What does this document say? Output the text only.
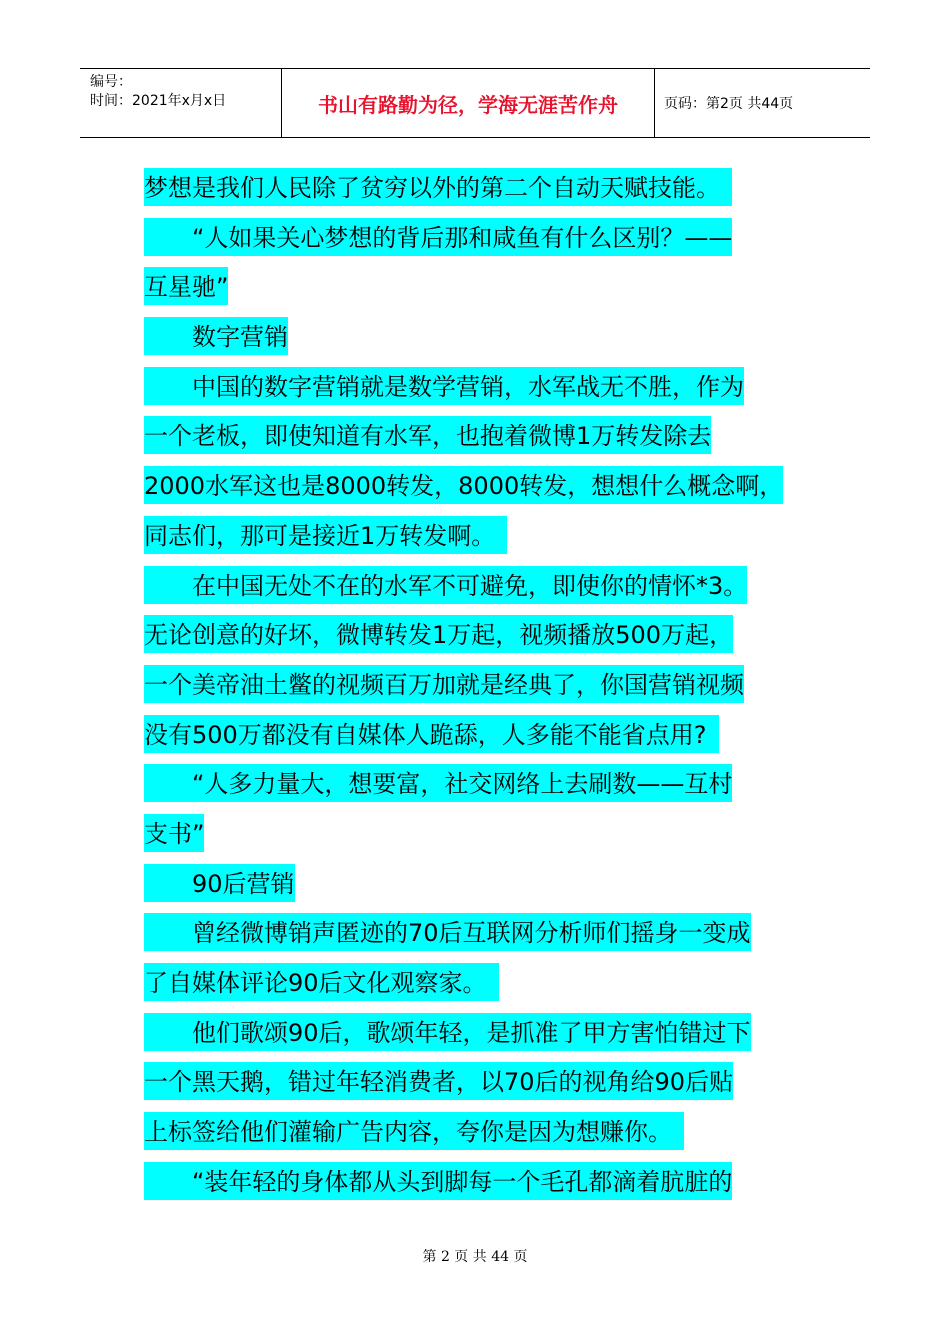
编号：
时间：2021年x月x日	书山有路勤为径，学海无涯苦作舟	页码：第2页 共44页
梦想是我们人民除了贫穷以外的第二个自动天赋技能。
　　“人如果关心梦想的背后那和咸鱼有什么区别？——
互星驰”
　　数字营销
　　中国的数字营销就是数学营销，水军战无不胜，作为
一个老板，即使知道有水军，也抱着微博1万转发除去
2000水军这也是8000转发，8000转发，想想什么概念啊，
同志们，那可是接近1万转发啊。
　　在中国无处不在的水军不可避免，即使你的情怀*3。
无论创意的好坏，微博转发1万起，视频播放500万起，
一个美帝油土鳖的视频百万加就是经典了，你国营销视频
没有500万都没有自媒体人跪舔，人多能不能省点用?
　　“人多力量大，想要富，社交网络上去刷数——互村
支书”
　　90后营销
　　曾经微博销声匿迹的70后互联网分析师们摇身一变成
了自媒体评论90后文化观察家。
　　他们歌颂90后，歌颂年轻，是抓准了甲方害怕错过下
一个黑天鹅，错过年轻消费者，以70后的视角给90后贴
上标签给他们灌输广告内容，夸你是因为想赚你。
　　“装年轻的身体都从头到脚每一个毛孔都滴着肮脏的
第 2 页 共 44 页
